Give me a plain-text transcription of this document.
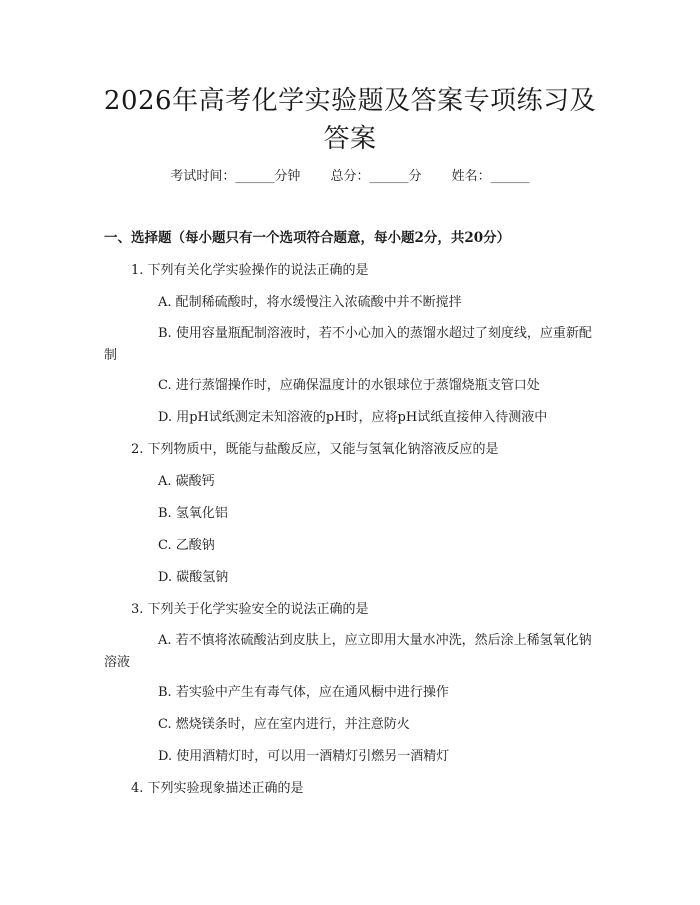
2026年高考化学实验题及答案专项练习及答案
考试时间：______分钟 总分：______分 姓名：______
一、选择题（每小题只有一个选项符合题意，每小题2分，共20分）
1. 下列有关化学实验操作的说法正确的是
A. 配制稀硫酸时，将水缓慢注入浓硫酸中并不断搅拌
B. 使用容量瓶配制溶液时，若不小心加入的蒸馏水超过了刻度线，应重新配制
C. 进行蒸馏操作时，应确保温度计的水银球位于蒸馏烧瓶支管口处
D. 用pH试纸测定未知溶液的pH时，应将pH试纸直接伸入待测液中
2. 下列物质中，既能与盐酸反应，又能与氢氧化钠溶液反应的是
A. 碳酸钙
B. 氢氧化铝
C. 乙酸钠
D. 碳酸氢钠
3. 下列关于化学实验安全的说法正确的是
A. 若不慎将浓硫酸沾到皮肤上，应立即用大量水冲洗，然后涂上稀氢氧化钠溶液
B. 若实验中产生有毒气体，应在通风橱中进行操作
C. 燃烧镁条时，应在室内进行，并注意防火
D. 使用酒精灯时，可以用一酒精灯引燃另一酒精灯
4. 下列实验现象描述正确的是
